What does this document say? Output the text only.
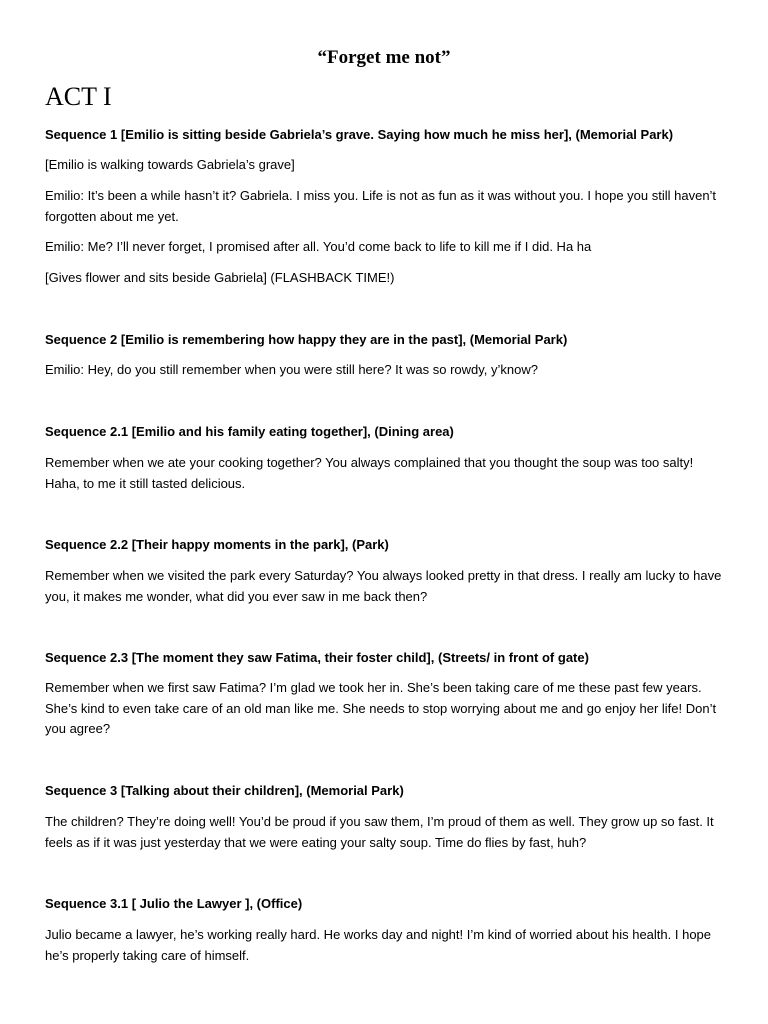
“Forget me not”
ACT I

Sequence 1 [Emilio is sitting beside Gabriela’s grave. Saying how much he miss her], (Memorial Park)

[Emilio is walking towards Gabriela’s grave]

Emilio: It’s been a while hasn’t it? Gabriela. I miss you. Life is not as fun as it was without you. I hope you still haven’t forgotten about me yet.

Emilio: Me? I’ll never forget, I promised after all. You’d come back to life to kill me if I did. Ha ha

[Gives flower and sits beside Gabriela] (FLASHBACK TIME!)

Sequence 2 [Emilio is remembering how happy they are in the past], (Memorial Park)

Emilio: Hey, do you still remember when you were still here? It was so rowdy, y’know?

Sequence 2.1 [Emilio and his family eating together], (Dining area)

Remember when we ate your cooking together? You always complained that you thought the soup was too salty! Haha, to me it still tasted delicious.

Sequence 2.2 [Their happy moments in the park], (Park)

Remember when we visited the park every Saturday? You always looked pretty in that dress. I really am lucky to have you, it makes me wonder, what did you ever saw in me back then?

Sequence 2.3 [The moment they saw Fatima, their foster child], (Streets/ in front of gate)

Remember when we first saw Fatima? I’m glad we took her in. She’s been taking care of me these past few years. She’s kind to even take care of an old man like me. She needs to stop worrying about me and go enjoy her life! Don’t you agree?

Sequence 3 [Talking about their children], (Memorial Park)

The children? They’re doing well! You’d be proud if you saw them, I’m proud of them as well. They grow up so fast. It feels as if it was just yesterday that we were eating your salty soup. Time do flies by fast, huh?

Sequence 3.1 [ Julio the Lawyer ], (Office)

Julio became a lawyer, he’s working really hard. He works day and night! I’m kind of worried about his health. I hope he’s properly taking care of himself.
